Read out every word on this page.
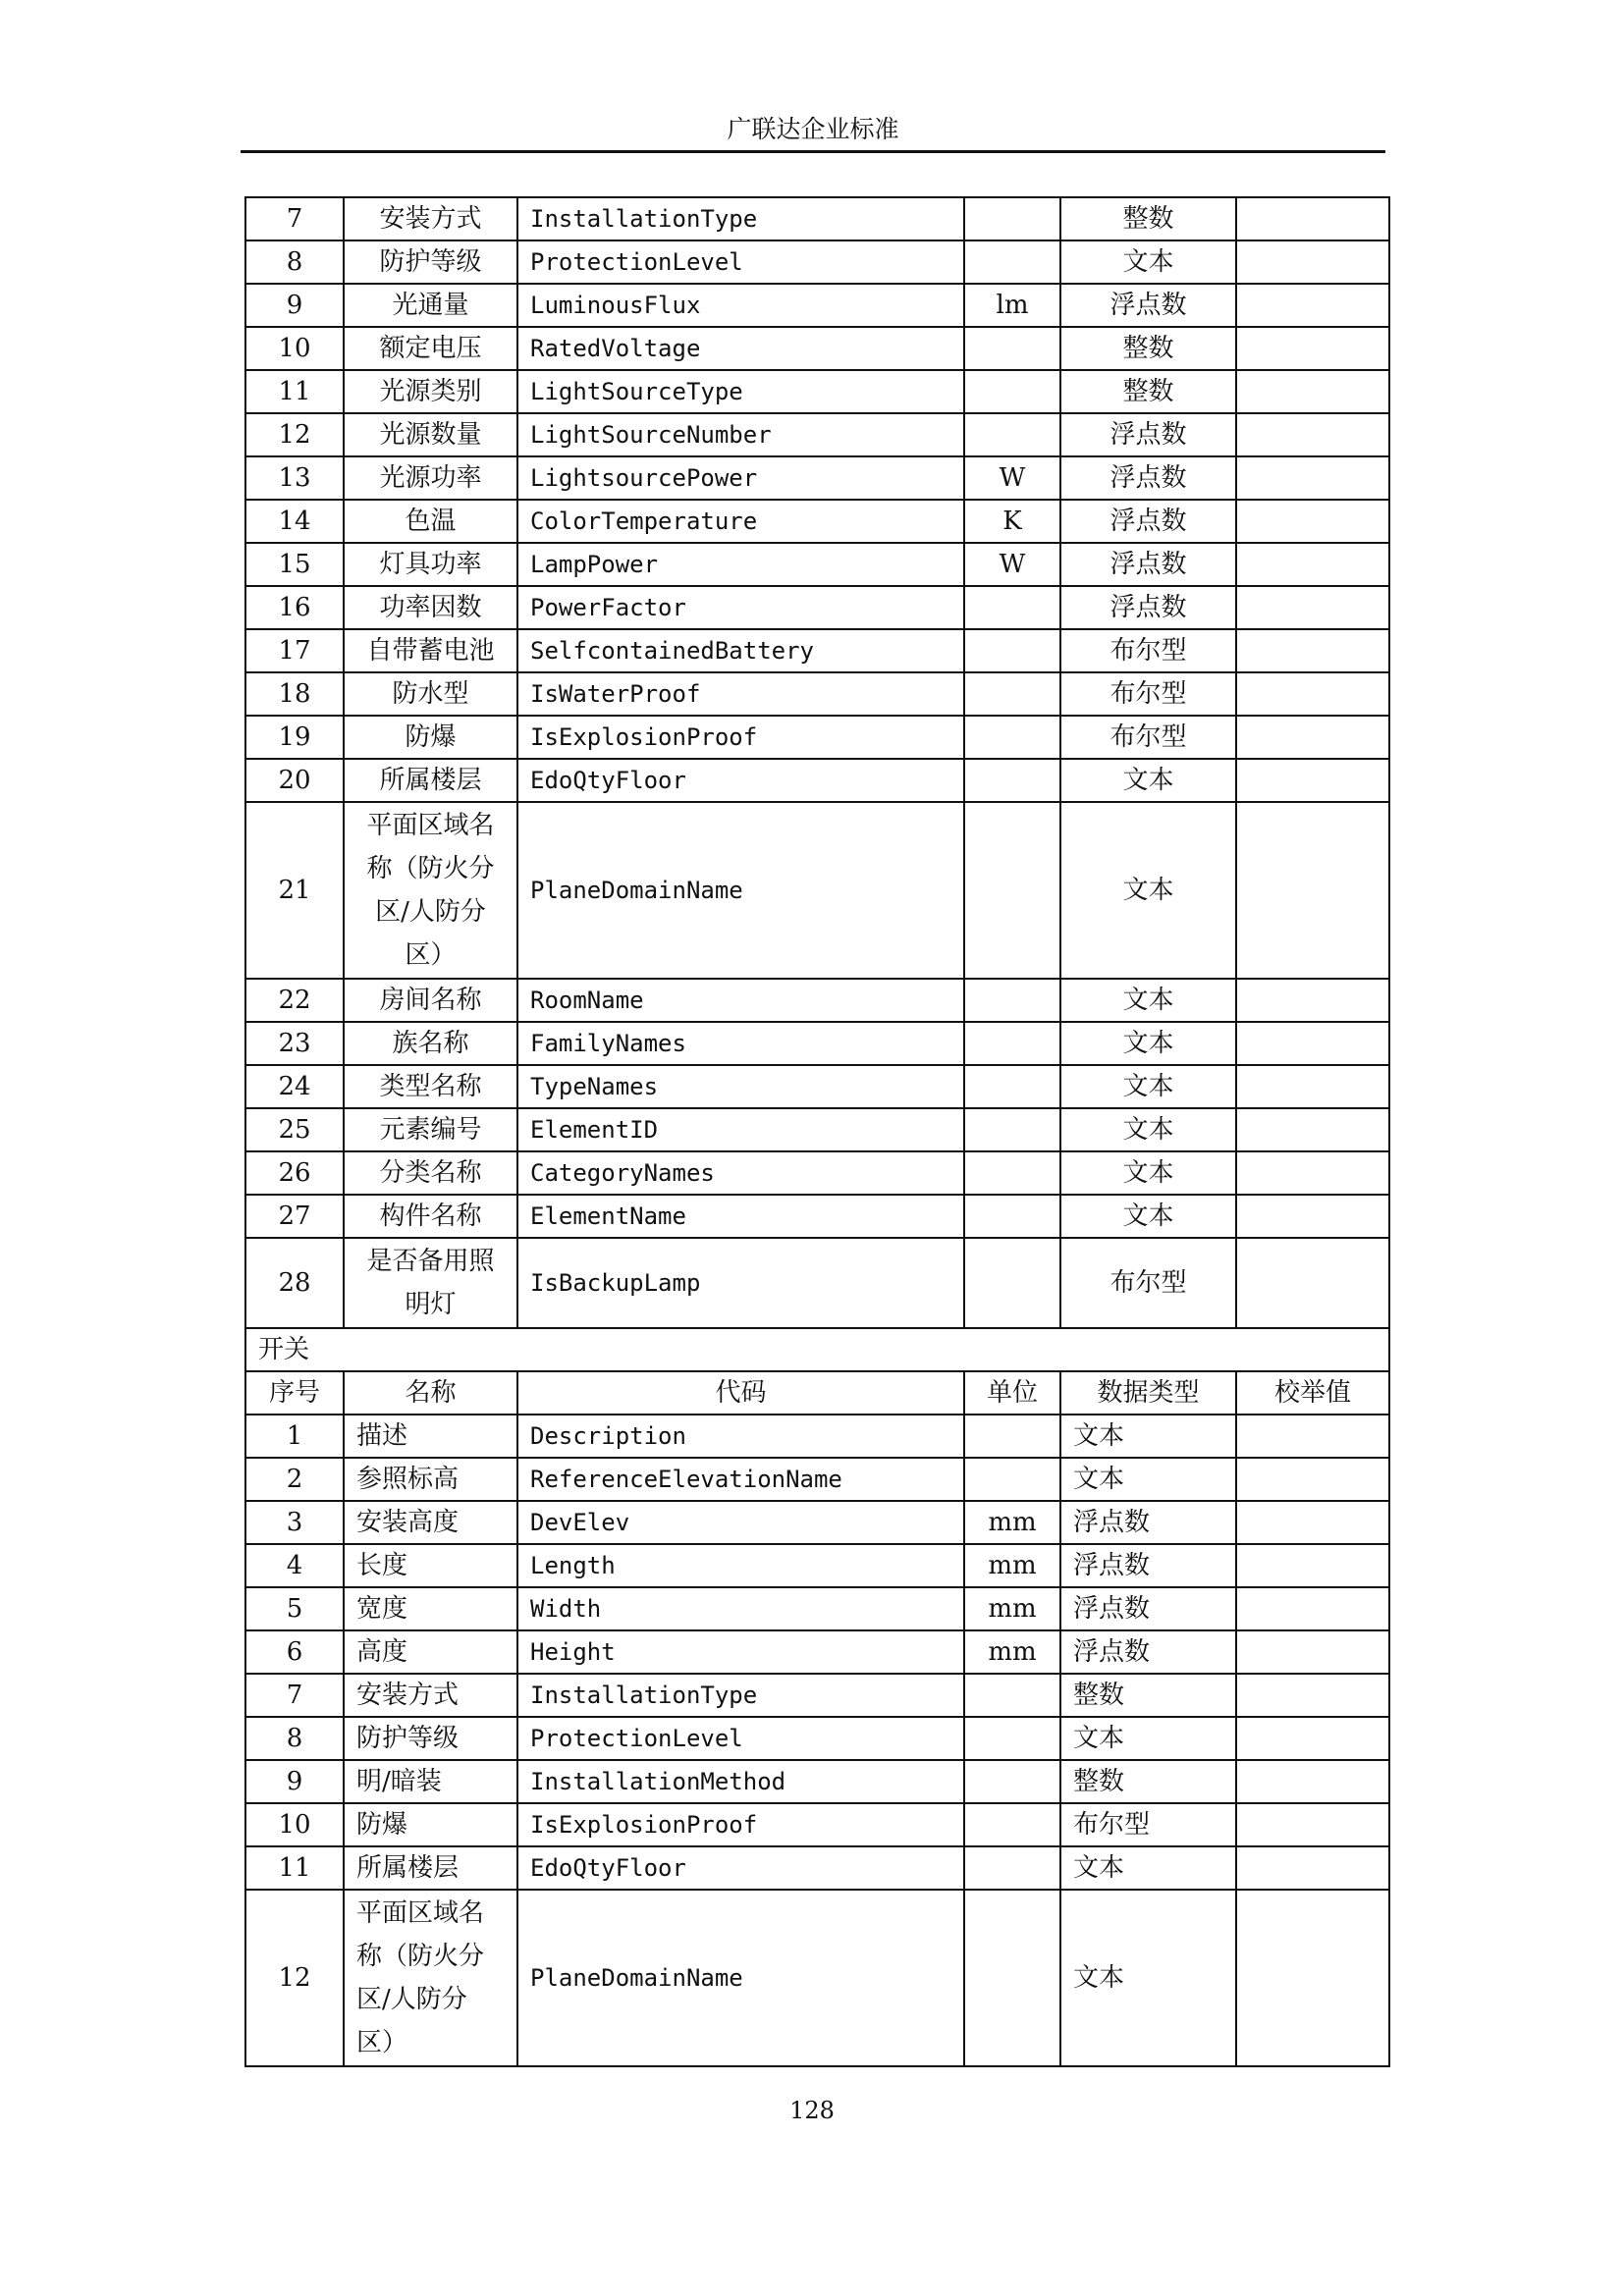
广联达企业标准
7	安装方式	InstallationType		整数	
8	防护等级	ProtectionLevel		文本	
9	光通量	LuminousFlux	lm	浮点数	
10	额定电压	RatedVoltage		整数	
11	光源类别	LightSourceType		整数	
12	光源数量	LightSourceNumber		浮点数	
13	光源功率	LightsourcePower	W	浮点数	
14	色温	ColorTemperature	K	浮点数	
15	灯具功率	LampPower	W	浮点数	
16	功率因数	PowerFactor		浮点数	
17	自带蓄电池	SelfcontainedBattery		布尔型	
18	防水型	IsWaterProof		布尔型	
19	防爆	IsExplosionProof		布尔型	
20	所属楼层	EdoQtyFloor		文本	
21	平面区域名称（防火分区/人防分区）	PlaneDomainName		文本	
22	房间名称	RoomName		文本	
23	族名称	FamilyNames		文本	
24	类型名称	TypeNames		文本	
25	元素编号	ElementID		文本	
26	分类名称	CategoryNames		文本	
27	构件名称	ElementName		文本	
28	是否备用照明灯	IsBackupLamp		布尔型	
开关					
序号	名称	代码	单位	数据类型	校举值
1	描述	Description		文本	
2	参照标高	ReferenceElevationName		文本	
3	安装高度	DevElev	mm	浮点数	
4	长度	Length	mm	浮点数	
5	宽度	Width	mm	浮点数	
6	高度	Height	mm	浮点数	
7	安装方式	InstallationType		整数	
8	防护等级	ProtectionLevel		文本	
9	明/暗装	InstallationMethod		整数	
10	防爆	IsExplosionProof		布尔型	
11	所属楼层	EdoQtyFloor		文本	
12	平面区域名称（防火分区/人防分区）	PlaneDomainName		文本	
128
